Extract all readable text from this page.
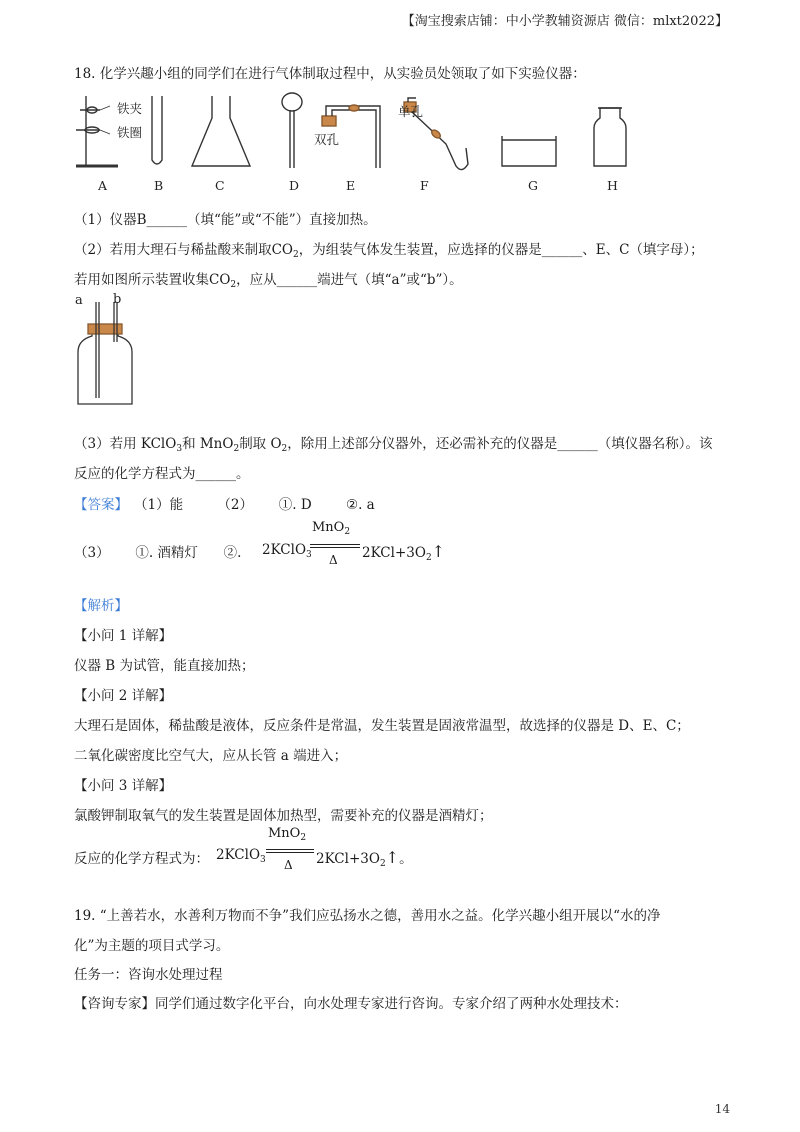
【淘宝搜索店铺：中小学教辅资源店 微信：mlxt2022】
18. 化学兴趣小组的同学们在进行气体制取过程中，从实验员处领取了如下实验仪器：
铁夹
铁圈	双孔
单孔
A	B	C	D	E	F	G	H
（1）仪器B______（填“能”或“不能”）直接加热。
（2）若用大理石与稀盐酸来制取$CO_2$，为组装气体发生装置，应选择的仪器是______、E、C（填字母）；
若用如图所示装置收集$CO_2$，应从______端进气（填“a”或“b”）。
a b
（3）若用 KClO$_3$和 MnO$_2$制取 $O_2$，除用上述部分仪器外，还必需补充的仪器是______（填仪器名称）。该
反应的化学方程式为______。
【答案】 （1）能        （2）      ①. D        ②. a
（3）      ①. 酒精灯      ②. 2KClO$_3$
MnO$_2$
Δ $2KCl+3O_2↑$
【解析】
【小问 1 详解】
仪器 B 为试管，能直接加热；
【小问 2 详解】
大理石是固体，稀盐酸是液体，反应条件是常温，发生装置是固液常温型，故选择的仪器是 D、E、C；
二氧化碳密度比空气大，应从长管 a 端进入；
【小问 3 详解】
氯酸钾制取氧气的发生装置是固体加热型，需要补充的仪器是酒精灯；
反应的化学方程式为： 2KClO$_3$
MnO$_2$
Δ $2KCl+3O_2↑$。
19. “上善若水，水善利万物而不争”我们应弘扬水之德，善用水之益。化学兴趣小组开展以“水的净
化”为主题的项目式学习。
任务一：咨询水处理过程
【咨询专家】同学们通过数字化平台，向水处理专家进行咨询。专家介绍了两种水处理技术：
14
